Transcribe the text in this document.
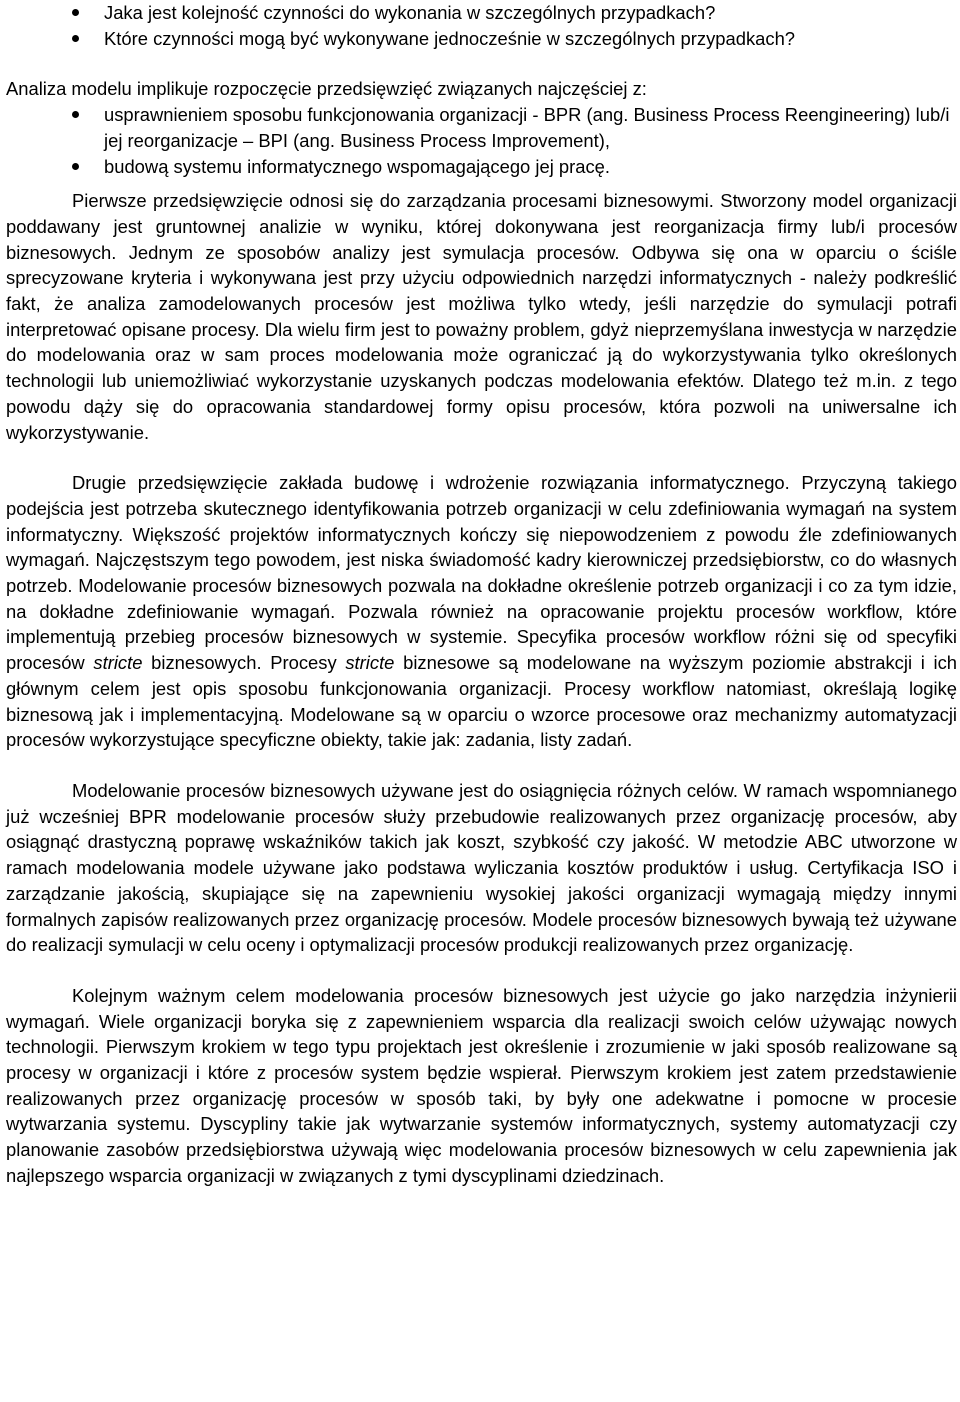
Jaka jest kolejność czynności do wykonania w szczególnych przypadkach?
Które czynności mogą być wykonywane jednocześnie w szczególnych przypadkach?

Analiza modelu implikuje rozpoczęcie przedsięwzięć związanych najczęściej z:

usprawnieniem sposobu funkcjonowania organizacji - BPR (ang. Business Process Reengineering) lub/i jej reorganizacje – BPI (ang. Business Process Improvement),
budową systemu informatycznego wspomagającego jej pracę.

Pierwsze przedsięwzięcie odnosi się do zarządzania procesami biznesowymi. Stworzony model organizacji poddawany jest gruntownej analizie w wyniku, której dokonywana jest reorganizacja firmy lub/i procesów biznesowych. Jednym ze sposobów analizy jest symulacja procesów. Odbywa się ona w oparciu o ściśle sprecyzowane kryteria i wykonywana jest przy użyciu odpowiednich narzędzi informatycznych - należy podkreślić fakt, że analiza zamodelowanych procesów jest możliwa tylko wtedy, jeśli narzędzie do symulacji potrafi interpretować opisane procesy. Dla wielu firm jest to poważny problem, gdyż nieprzemyślana inwestycja w narzędzie do modelowania oraz w sam proces modelowania może ograniczać ją do wykorzystywania tylko określonych technologii lub uniemożliwiać wykorzystanie uzyskanych podczas modelowania efektów. Dlatego też m.in. z tego powodu dąży się do opracowania standardowej formy opisu procesów, która pozwoli na uniwersalne ich wykorzystywanie.

Drugie przedsięwzięcie zakłada budowę i wdrożenie rozwiązania informatycznego. Przyczyną takiego podejścia jest potrzeba skutecznego identyfikowania potrzeb organizacji w celu zdefiniowania wymagań na system informatyczny. Większość projektów informatycznych kończy się niepowodzeniem z powodu źle zdefiniowanych wymagań. Najczęstszym tego powodem, jest niska świadomość kadry kierowniczej przedsiębiorstw, co do własnych potrzeb. Modelowanie procesów biznesowych pozwala na dokładne określenie potrzeb organizacji i co za tym idzie, na dokładne zdefiniowanie wymagań. Pozwala również na opracowanie projektu procesów workflow, które implementują przebieg procesów biznesowych w systemie. Specyfika procesów workflow różni się od specyfiki procesów stricte biznesowych. Procesy stricte biznesowe są modelowane na wyższym poziomie abstrakcji i ich głównym celem jest opis sposobu funkcjonowania organizacji. Procesy workflow natomiast, określają logikę biznesową jak i implementacyjną. Modelowane są w oparciu o wzorce procesowe oraz mechanizmy automatyzacji procesów wykorzystujące specyficzne obiekty, takie jak: zadania, listy zadań.

Modelowanie procesów biznesowych używane jest do osiągnięcia różnych celów. W ramach wspomnianego już wcześniej BPR modelowanie procesów służy przebudowie realizowanych przez organizację procesów, aby osiągnąć drastyczną poprawę wskaźników takich jak koszt, szybkość czy jakość. W metodzie ABC utworzone w ramach modelowania modele używane jako podstawa wyliczania kosztów produktów i usług. Certyfikacja ISO i zarządzanie jakością, skupiające się na zapewnieniu wysokiej jakości organizacji wymagają między innymi formalnych zapisów realizowanych przez organizację procesów. Modele procesów biznesowych bywają też używane do realizacji symulacji w celu oceny i optymalizacji procesów produkcji realizowanych przez organizację.

Kolejnym ważnym celem modelowania procesów biznesowych jest użycie go jako narzędzia inżynierii wymagań. Wiele organizacji boryka się z zapewnieniem wsparcia dla realizacji swoich celów używając nowych technologii. Pierwszym krokiem w tego typu projektach jest określenie i zrozumienie w jaki sposób realizowane są procesy w organizacji i które z procesów system będzie wspierał. Pierwszym krokiem jest zatem przedstawienie realizowanych przez organizację procesów w sposób taki, by były one adekwatne i pomocne w procesie wytwarzania systemu. Dyscypliny takie jak wytwarzanie systemów informatycznych, systemy automatyzacji czy planowanie zasobów przedsiębiorstwa używają więc modelowania procesów biznesowych w celu zapewnienia jak najlepszego wsparcia organizacji w związanych z tymi dyscyplinami dziedzinach.
